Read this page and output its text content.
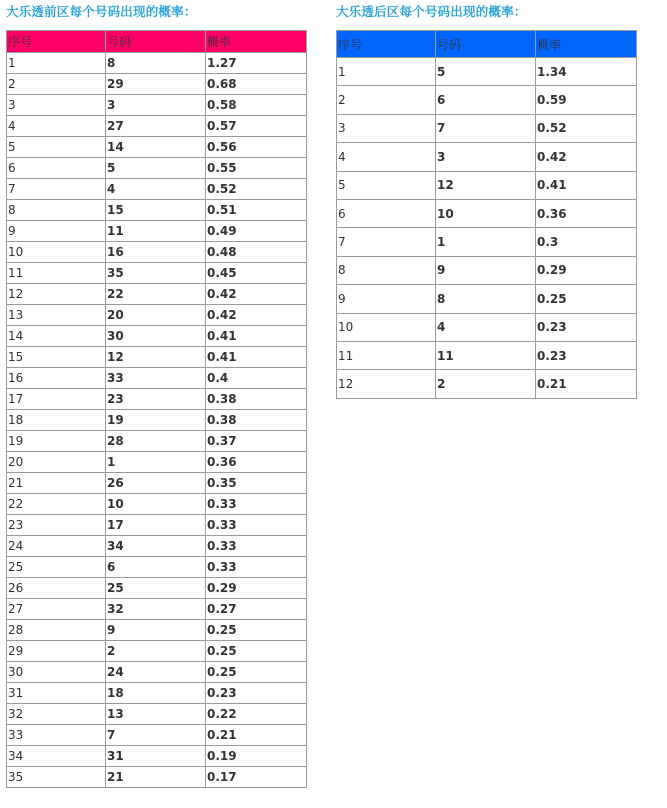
大乐透前区每个号码出现的概率：
序号	号码	概率
1	8	1.27
2	29	0.68
3	3	0.58
4	27	0.57
5	14	0.56
6	5	0.55
7	4	0.52
8	15	0.51
9	11	0.49
10	16	0.48
11	35	0.45
12	22	0.42
13	20	0.42
14	30	0.41
15	12	0.41
16	33	0.4
17	23	0.38
18	19	0.38
19	28	0.37
20	1	0.36
21	26	0.35
22	10	0.33
23	17	0.33
24	34	0.33
25	6	0.33
26	25	0.29
27	32	0.27
28	9	0.25
29	2	0.25
30	24	0.25
31	18	0.23
32	13	0.22
33	7	0.21
34	31	0.19
35	21	0.17
大乐透后区每个号码出现的概率：
序号	号码	概率
1	5	1.34
2	6	0.59
3	7	0.52
4	3	0.42
5	12	0.41
6	10	0.36
7	1	0.3
8	9	0.29
9	8	0.25
10	4	0.23
11	11	0.23
12	2	0.21
